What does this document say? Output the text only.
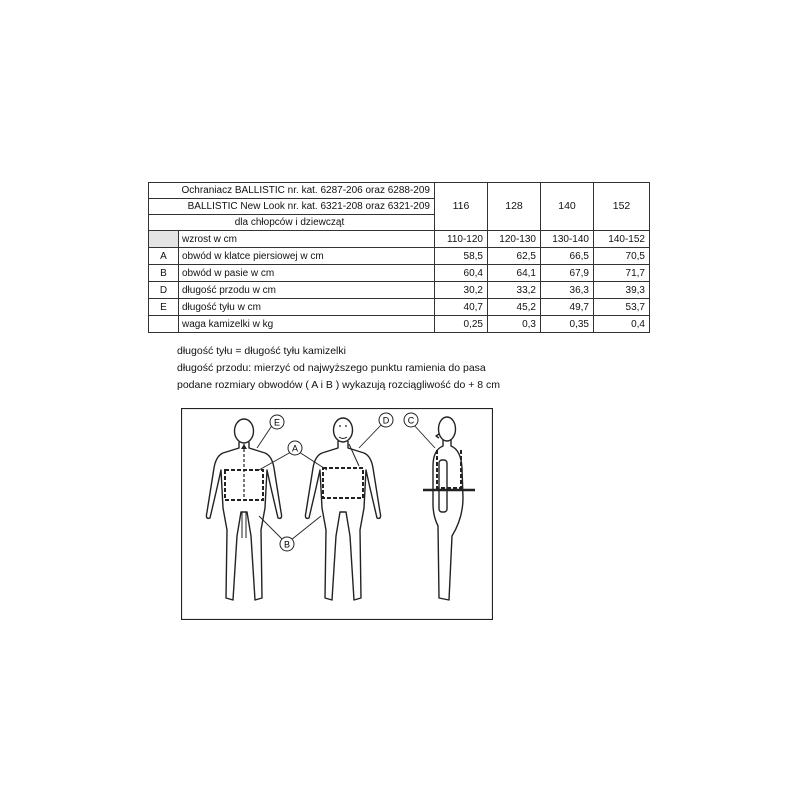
Ochraniacz BALLISTIC nr. kat. 6287-206 oraz 6288-209		116	128	140	152
BALLISTIC New Look nr. kat. 6321-208 oraz 6321-209					
dla chłopców i dziewcząt					
	wzrost w cm	110-120	120-130	130-140	140-152
A	obwód w klatce piersiowej w cm	58,5	62,5	66,5	70,5
B	obwód w pasie w cm	60,4	64,1	67,9	71,7
D	długość przodu w cm	30,2	33,2	36,3	39,3
E	długość tyłu w cm	40,7	45,2	49,7	53,7
	waga kamizelki w kg	0,25	0,3	0,35	0,4

długość tyłu = długość tyłu kamizelki

długość przodu: mierzyć od najwyższego punktu ramienia do pasa

podane rozmiary obwodów ( A i B ) wykazują rozciągliwość do + 8 cm

E
A
D C
B
